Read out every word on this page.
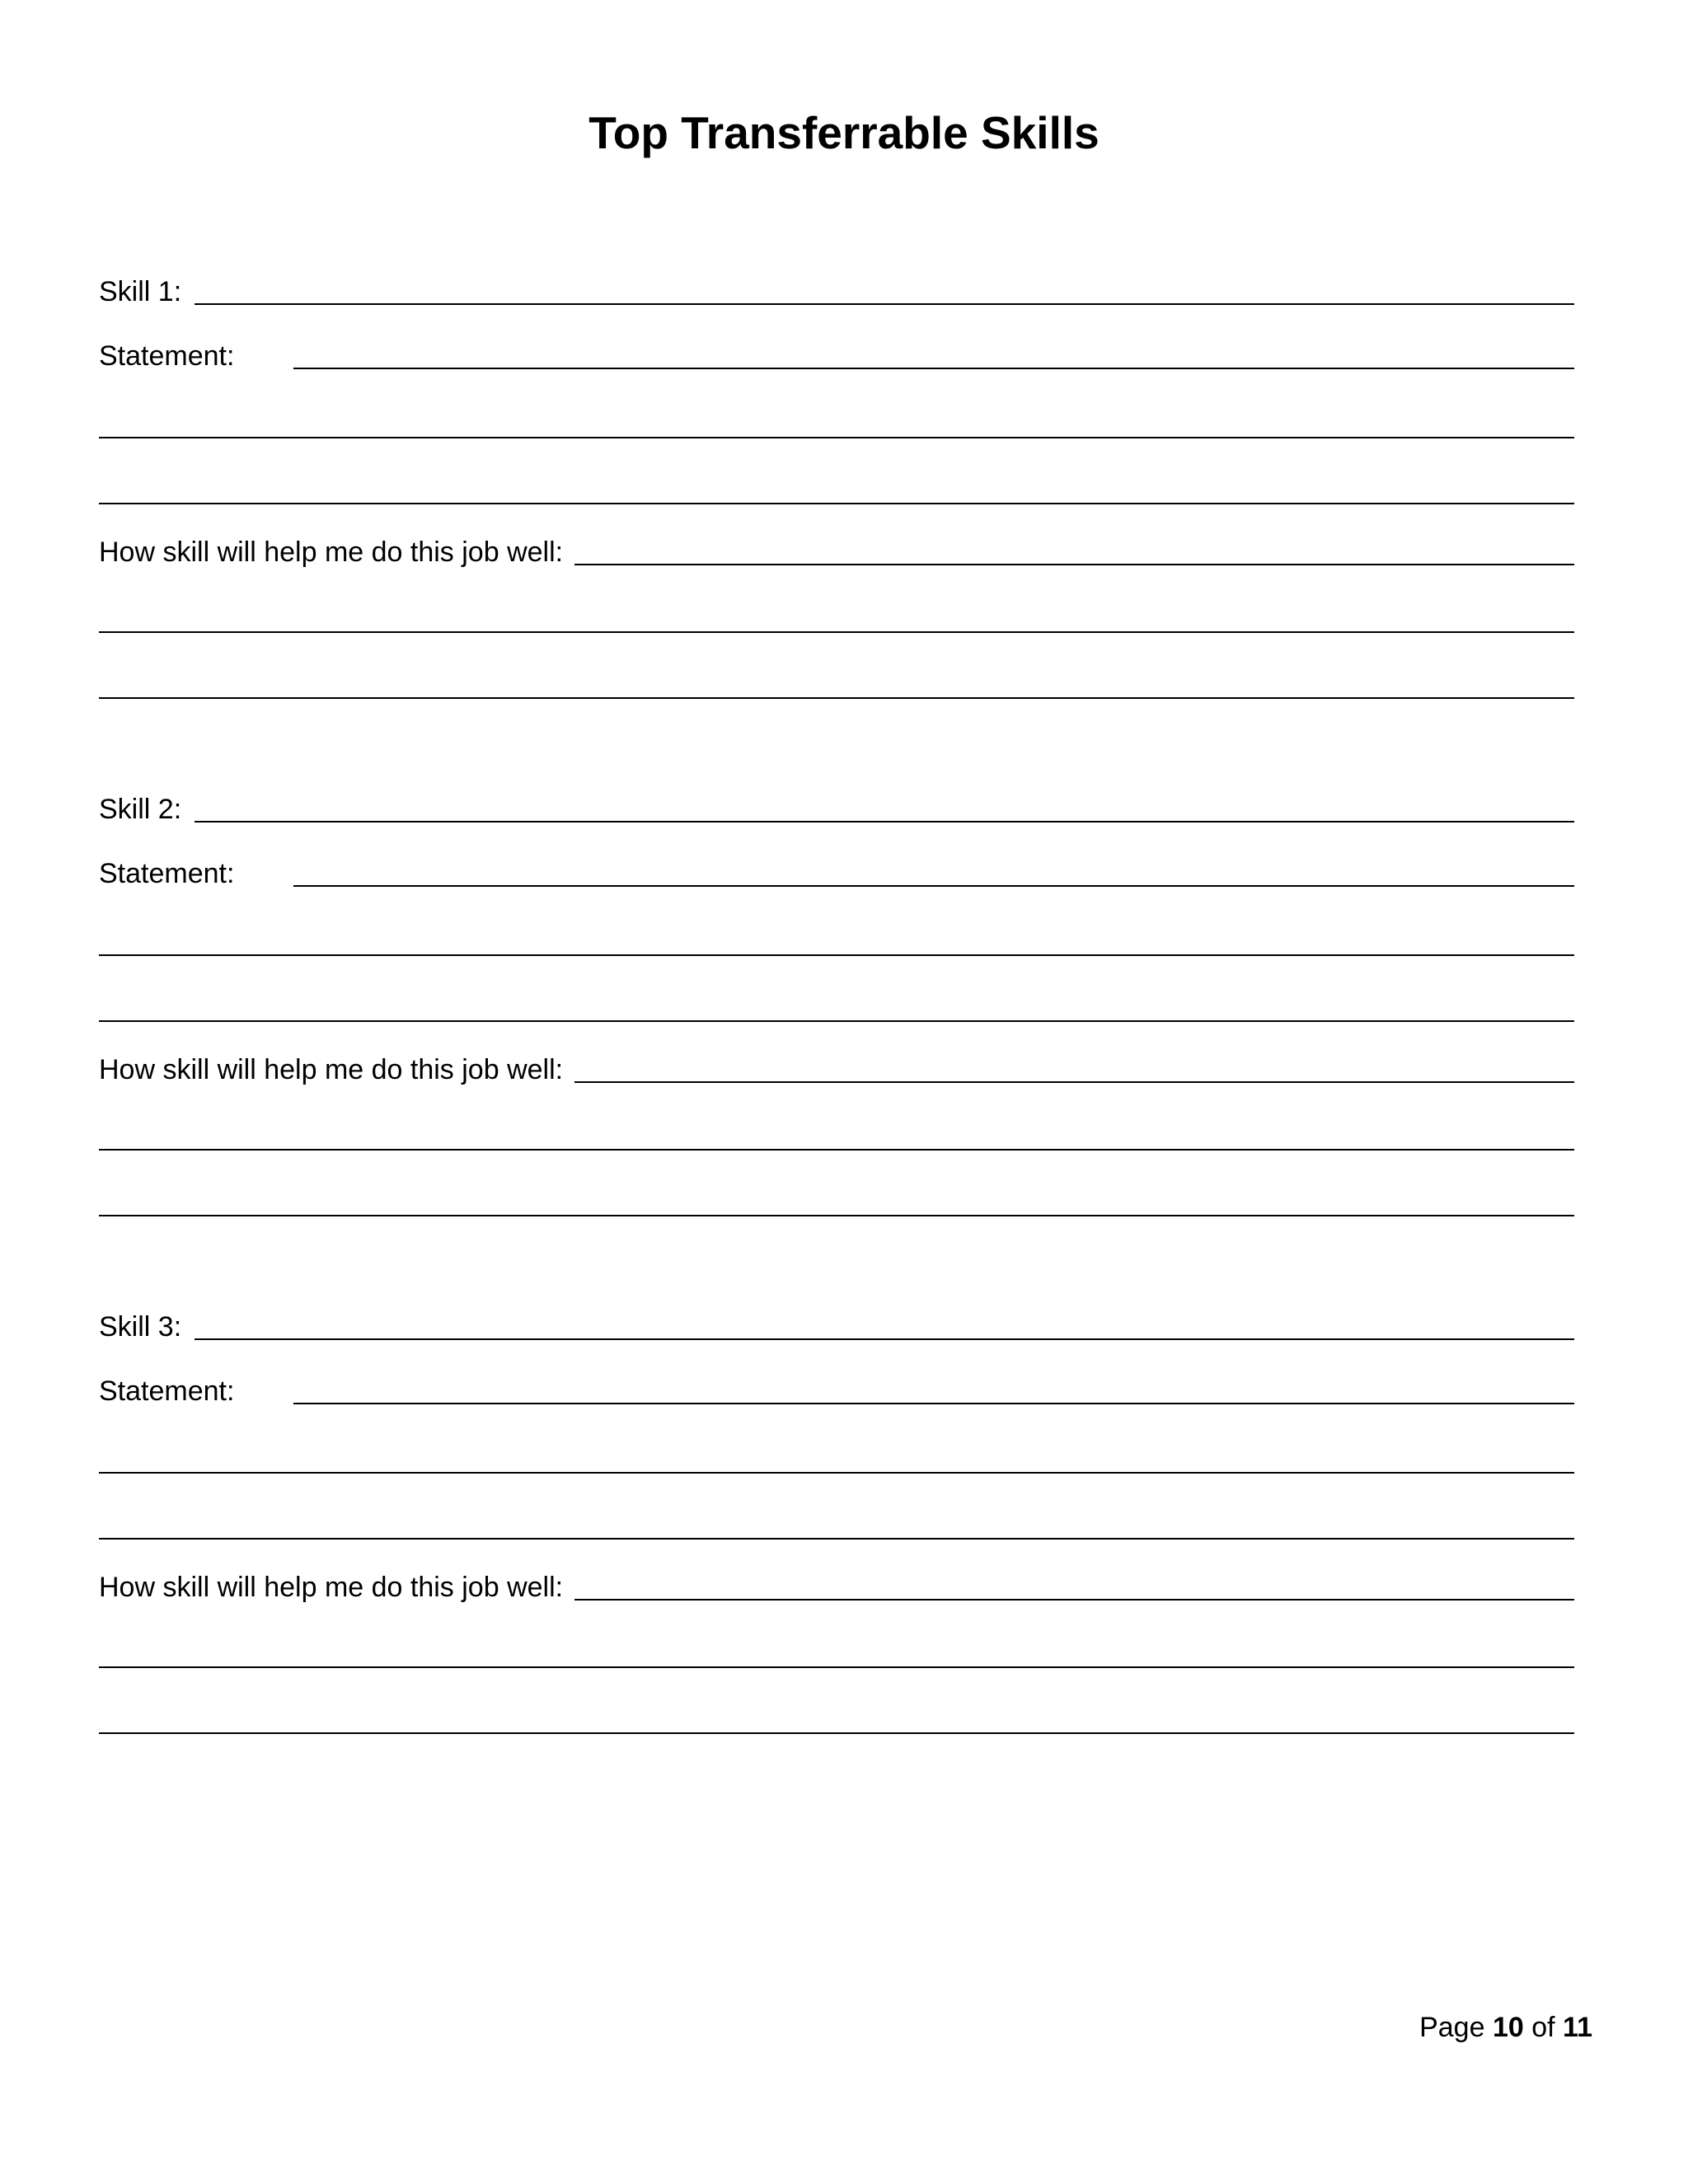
Top Transferrable Skills
Skill 1:
Statement:
How skill will help me do this job well:
Skill 2:
Statement:
How skill will help me do this job well:
Skill 3:
Statement:
How skill will help me do this job well:
Page 10 of 11
